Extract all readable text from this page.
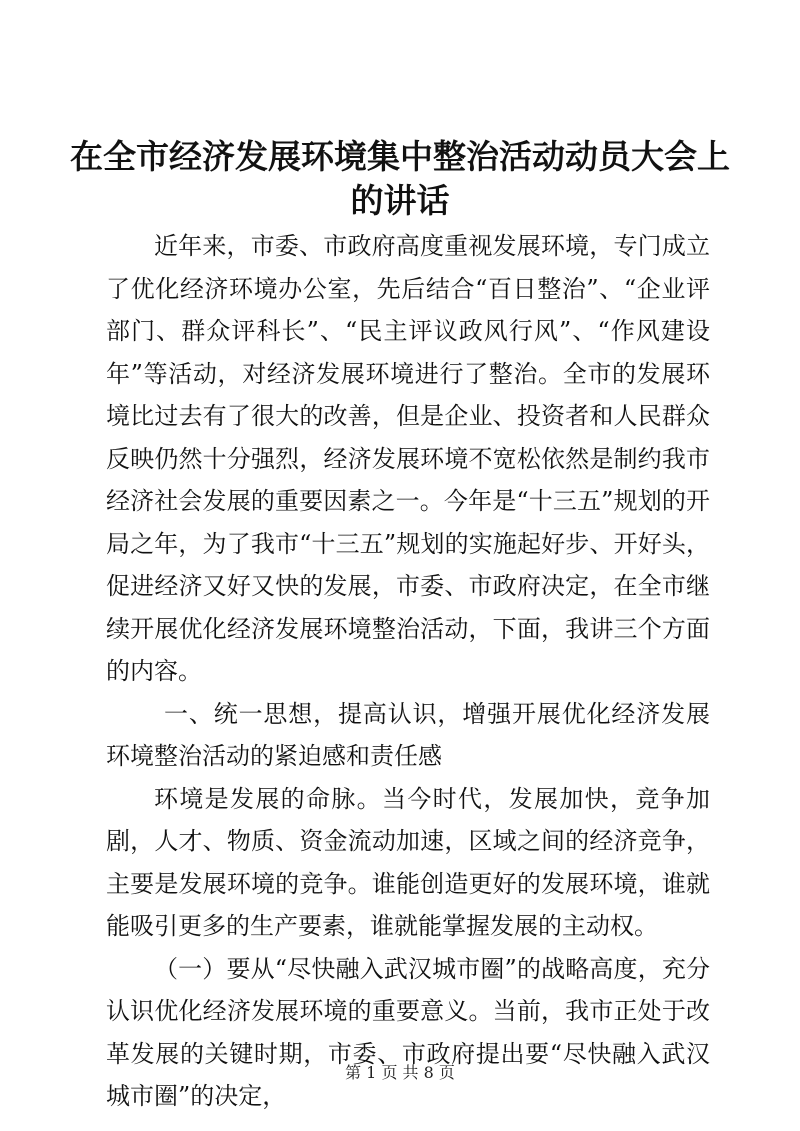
在全市经济发展环境集中整治活动动员大会上的讲话

近年来，市委、市政府高度重视发展环境，专门成立了优化经济环境办公室，先后结合“百日整治”、“企业评部门、群众评科长”、“民主评议政风行风”、“作风建设年”等活动，对经济发展环境进行了整治。全市的发展环境比过去有了很大的改善，但是企业、投资者和人民群众反映仍然十分强烈，经济发展环境不宽松依然是制约我市经济社会发展的重要因素之一。今年是“十三五”规划的开局之年，为了我市“十三五”规划的实施起好步、开好头，促进经济又好又快的发展，市委、市政府决定，在全市继续开展优化经济发展环境整治活动，下面，我讲三个方面的内容。

一、统一思想，提高认识，增强开展优化经济发展环境整治活动的紧迫感和责任感

环境是发展的命脉。当今时代，发展加快，竞争加剧，人才、物质、资金流动加速，区域之间的经济竞争，主要是发展环境的竞争。谁能创造更好的发展环境，谁就能吸引更多的生产要素，谁就能掌握发展的主动权。

（一）要从“尽快融入武汉城市圈”的战略高度，充分认识优化经济发展环境的重要意义。当前，我市正处于改革发展的关键时期，市委、市政府提出要“尽快融入武汉城市圈”的决定，

第 1 页 共 8 页
